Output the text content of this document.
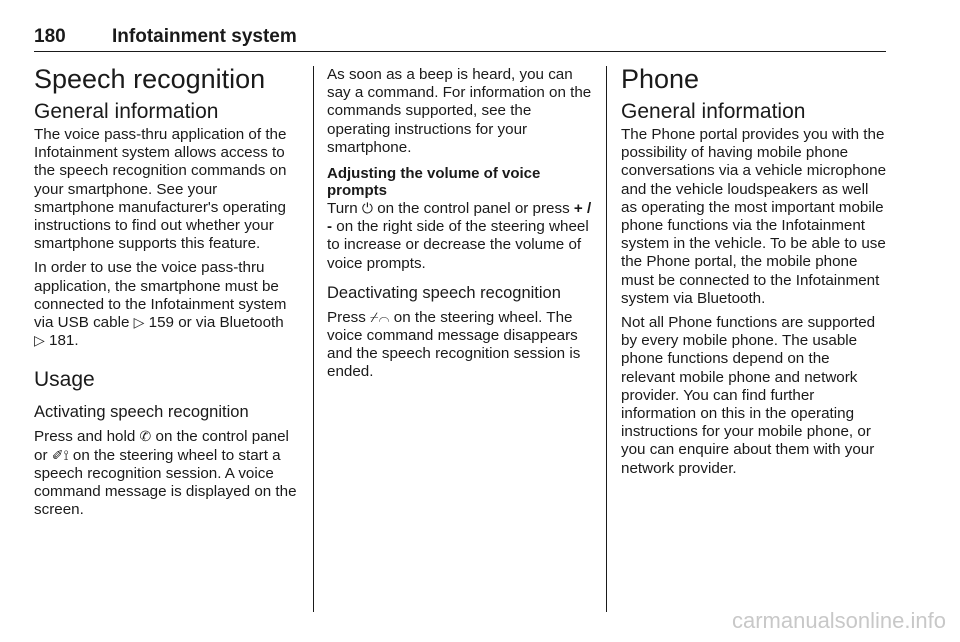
180 Infotainment system
Speech recognition
General information

The voice pass-thru application of the Infotainment system allows access to the speech recognition commands on your smartphone. See your smartphone manufacturer's operating instructions to find out whether your smartphone supports this feature.

In order to use the voice pass-thru application, the smartphone must be connected to the Infotainment system via USB cable ▷ 159 or via Bluetooth ▷ 181.

Usage
Activating speech recognition

Press and hold ✆ on the control panel or ✐⟟ on the steering wheel to start a speech recognition session. A voice command message is displayed on the screen.

As soon as a beep is heard, you can say a command. For information on the commands supported, see the operating instructions for your smartphone.

Adjusting the volume of voice prompts

Turn ⏻ on the control panel or press + / - on the right side of the steering wheel to increase or decrease the volume of voice prompts.

Deactivating speech recognition

Press ⌿⌒ on the steering wheel. The voice command message disappears and the speech recognition session is ended.

Phone
General information

The Phone portal provides you with the possibility of having mobile phone conversations via a vehicle microphone and the vehicle loudspeakers as well as operating the most important mobile phone functions via the Infotainment system in the vehicle. To be able to use the Phone portal, the mobile phone must be connected to the Infotainment system via Bluetooth.

Not all Phone functions are supported by every mobile phone. The usable phone functions depend on the relevant mobile phone and network provider. You can find further information on this in the operating instructions for your mobile phone, or you can enquire about them with your network provider.

carmanualsonline.info
